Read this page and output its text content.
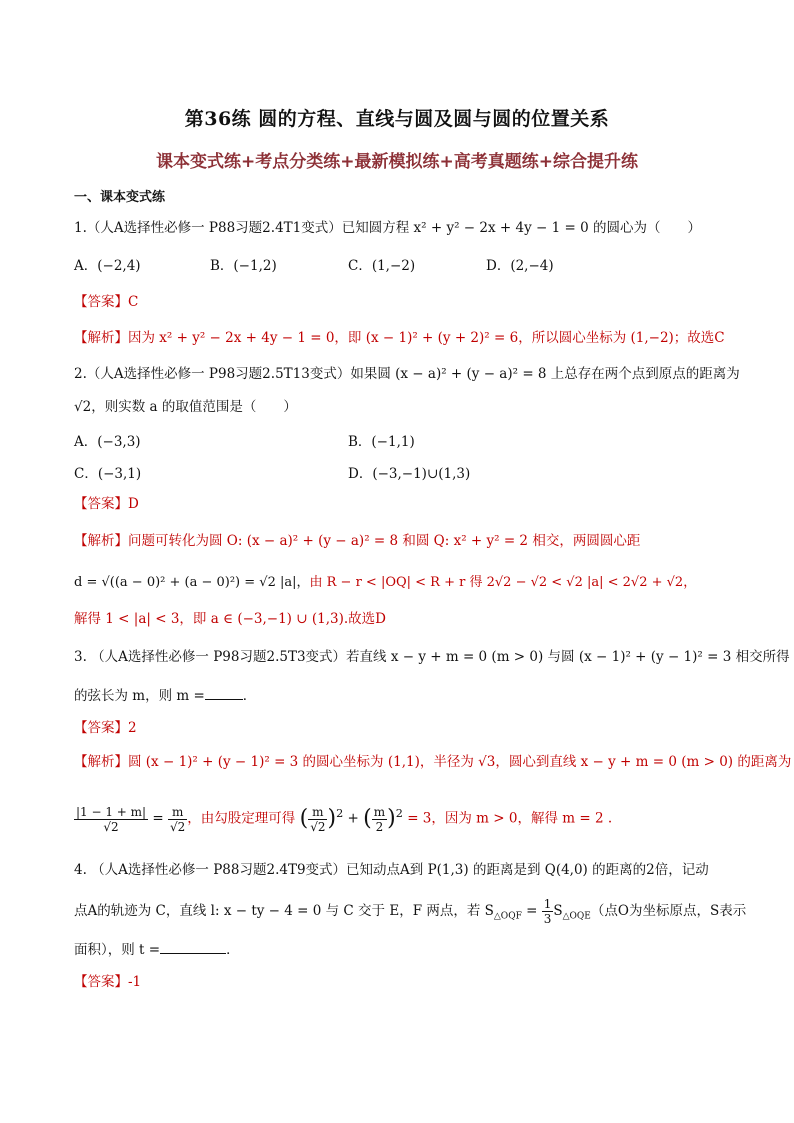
第36练 圆的方程、直线与圆及圆与圆的位置关系
课本变式练+考点分类练+最新模拟练+高考真题练+综合提升练
一、课本变式练
1.（人A选择性必修一 P88习题2.4T1变式）已知圆方程 x² + y² − 2x + 4y − 1 = 0 的圆心为（　　）
A．(−2,4)	B．(−1,2)	C．(1,−2)	D．(2,−4)
【答案】C
【解析】因为 x² + y² − 2x + 4y − 1 = 0，即 (x − 1)² + (y + 2)² = 6，所以圆心坐标为 (1,−2)；故选C
2.（人A选择性必修一 P98习题2.5T13变式）如果圆 (x − a)² + (y − a)² = 8 上总存在两个点到原点的距离为
√2，则实数 a 的取值范围是（　　）
A．(−3,3)	B．(−1,1)
C．(−3,1)	D．(−3,−1)∪(1,3)
【答案】D
【解析】问题可转化为圆 O: (x − a)² + (y − a)² = 8 和圆 Q: x² + y² = 2 相交，两圆圆心距
d = √((a − 0)² + (a − 0)²) = √2 |a|，由 R − r < |OQ| < R + r 得 2√2 − √2 < √2 |a| < 2√2 + √2，
解得 1 < |a| < 3，即 a ∈ (−3,−1) ∪ (1,3).故选D
3. （人A选择性必修一 P98习题2.5T3变式）若直线 x − y + m = 0 (m > 0) 与圆 (x − 1)² + (y − 1)² = 3 相交所得
的弦长为 m，则 m =	．
【答案】2
【解析】圆 (x − 1)² + (y − 1)² = 3 的圆心坐标为 (1,1)，半径为 √3，圆心到直线 x − y + m = 0 (m > 0) 的距离为
$\frac{|1 - 1 + m|}{√2} = \frac{m}{√2}$ ，由勾股定理可得 ( $\frac{m}{√2} )^2$ + ( $\frac{m}{2} )^2 = 3$，因为 m > 0，解得 m = 2 .
4. （人A选择性必修一 P88习题2.4T9变式）已知动点A到 P(1,3) 的距离是到 Q(4,0) 的距离的2倍，记动
点A的轨迹为 C，直线 l: x − ty − 4 = 0 与 C 交于 E，F 两点，若 $S_{\triangle OQF} = \frac{1}{3} S_{\triangle OQE}$（点O为坐标原点，S表示
面积），则 t =	．
【答案】-1
